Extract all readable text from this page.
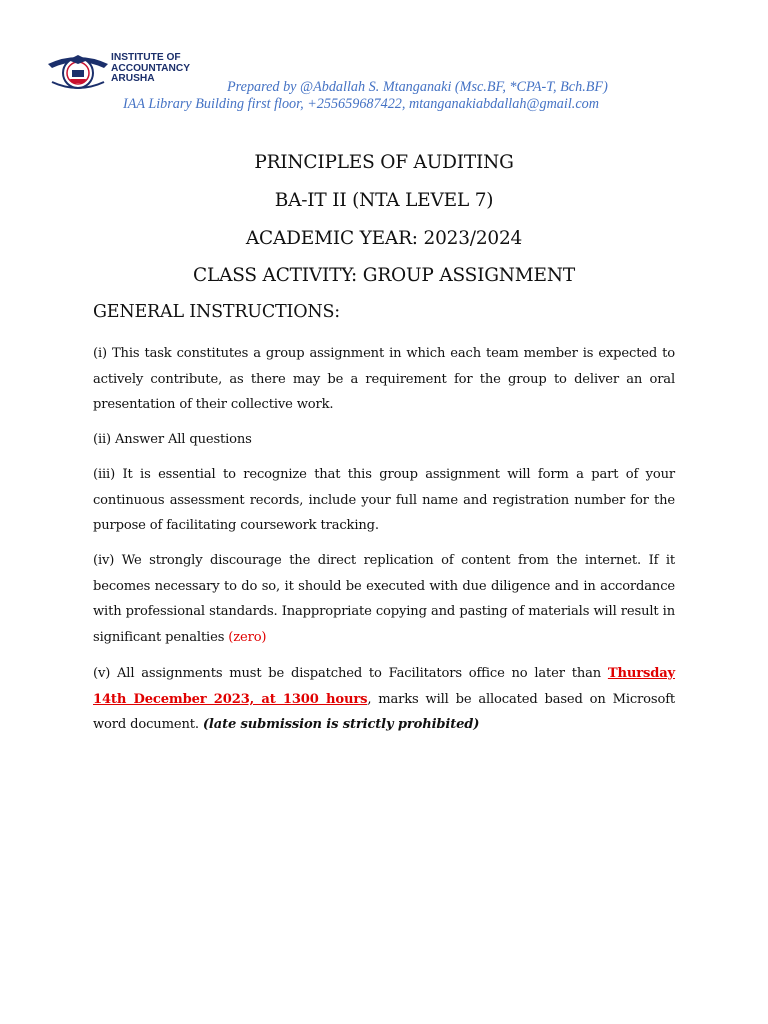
INSTITUTE OF
ACCOUNTANCY
ARUSHA
Prepared by @Abdallah S. Mtanganaki (Msc.BF, *CPA-T, Bch.BF)
IAA Library Building first floor, +255659687422, mtanganakiabdallah@gmail.com
PRINCIPLES OF AUDITING
BA-IT II (NTA LEVEL 7)
ACADEMIC YEAR: 2023/2024
CLASS ACTIVITY: GROUP ASSIGNMENT
GENERAL INSTRUCTIONS:
(i) This task constitutes a group assignment in which each team member is expected to actively contribute, as there may be a requirement for the group to deliver an oral presentation of their collective work.
(ii) Answer All questions
(iii) It is essential to recognize that this group assignment will form a part of your continuous assessment records, include your full name and registration number for the purpose of facilitating coursework tracking.
(iv) We strongly discourage the direct replication of content from the internet. If it becomes necessary to do so, it should be executed with due diligence and in accordance with professional standards. Inappropriate copying and pasting of materials will result in significant penalties (zero)
(v) All assignments must be dispatched to Facilitators office no later than Thursday 14th December 2023, at 1300 hours, marks will be allocated based on Microsoft word document. (late submission is strictly prohibited)
